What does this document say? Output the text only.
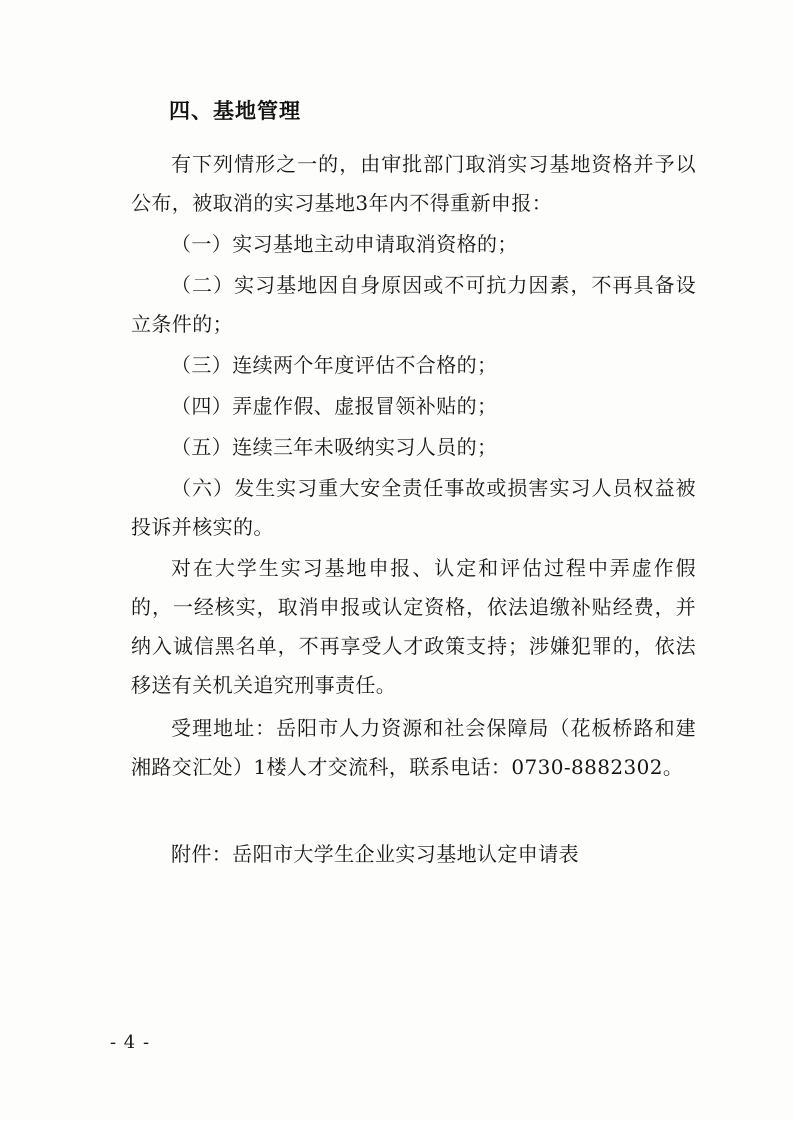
四、基地管理

有下列情形之一的，由审批部门取消实习基地资格并予以公布，被取消的实习基地3年内不得重新申报：

（一）实习基地主动申请取消资格的；

（二）实习基地因自身原因或不可抗力因素，不再具备设立条件的；

（三）连续两个年度评估不合格的；

（四）弄虚作假、虚报冒领补贴的；

（五）连续三年未吸纳实习人员的；

（六）发生实习重大安全责任事故或损害实习人员权益被投诉并核实的。

对在大学生实习基地申报、认定和评估过程中弄虚作假的，一经核实，取消申报或认定资格，依法追缴补贴经费，并纳入诚信黑名单，不再享受人才政策支持；涉嫌犯罪的，依法移送有关机关追究刑事责任。

受理地址：岳阳市人力资源和社会保障局（花板桥路和建湘路交汇处）1楼人才交流科，联系电话：0730-8882302。

附件：岳阳市大学生企业实习基地认定申请表

- 4 -
